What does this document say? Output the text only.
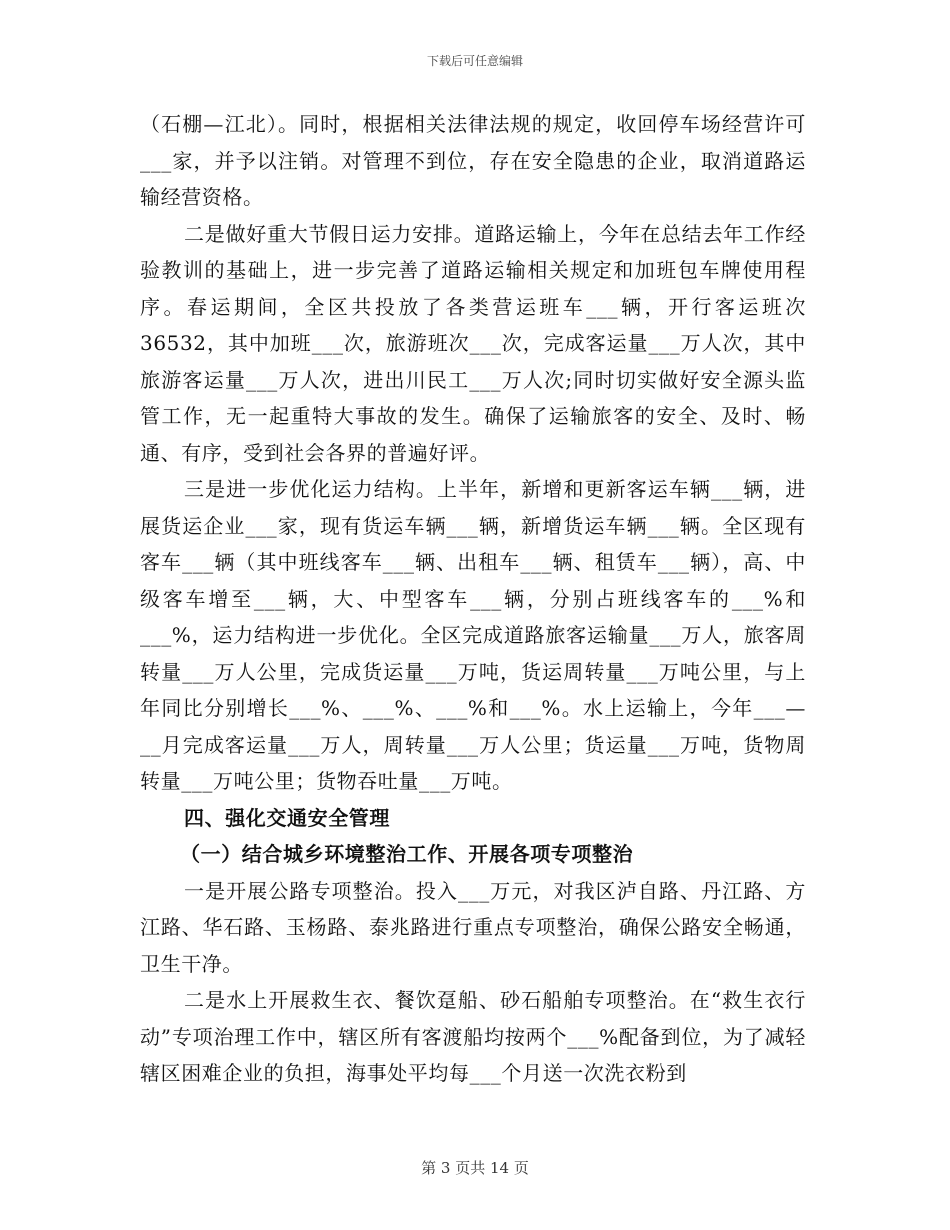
下载后可任意编辑

（石棚—江北）。同时，根据相关法律法规的规定，收回停车场经营许可___家，并予以注销。对管理不到位，存在安全隐患的企业，取消道路运输经营资格。

二是做好重大节假日运力安排。道路运输上，今年在总结去年工作经验教训的基础上，进一步完善了道路运输相关规定和加班包车牌使用程序。春运期间，全区共投放了各类营运班车___辆，开行客运班次36532，其中加班___次，旅游班次___次，完成客运量___万人次，其中旅游客运量___万人次，进出川民工___万人次;同时切实做好安全源头监管工作，无一起重特大事故的发生。确保了运输旅客的安全、及时、畅通、有序，受到社会各界的普遍好评。

三是进一步优化运力结构。上半年，新增和更新客运车辆___辆，进展货运企业___家，现有货运车辆___辆，新增货运车辆___辆。全区现有客车___辆（其中班线客车___辆、出租车___辆、租赁车___辆），高、中级客车增至___辆，大、中型客车___辆，分别占班线客车的___%和___%，运力结构进一步优化。全区完成道路旅客运输量___万人，旅客周转量___万人公里，完成货运量___万吨，货运周转量___万吨公里，与上年同比分别增长___%、___%、___%和___%。水上运输上，今年___—__月完成客运量___万人，周转量___万人公里；货运量___万吨，货物周转量___万吨公里；货物吞吐量___万吨。

四、强化交通安全管理

（一）结合城乡环境整治工作、开展各项专项整治

一是开展公路专项整治。投入___万元，对我区泸自路、丹江路、方江路、华石路、玉杨路、泰兆路进行重点专项整治，确保公路安全畅通，卫生干净。

二是水上开展救生衣、餐饮趸船、砂石船舶专项整治。在“救生衣行动”专项治理工作中，辖区所有客渡船均按两个___%配备到位，为了减轻辖区困难企业的负担，海事处平均每___个月送一次洗衣粉到

第 3 页共 14 页
